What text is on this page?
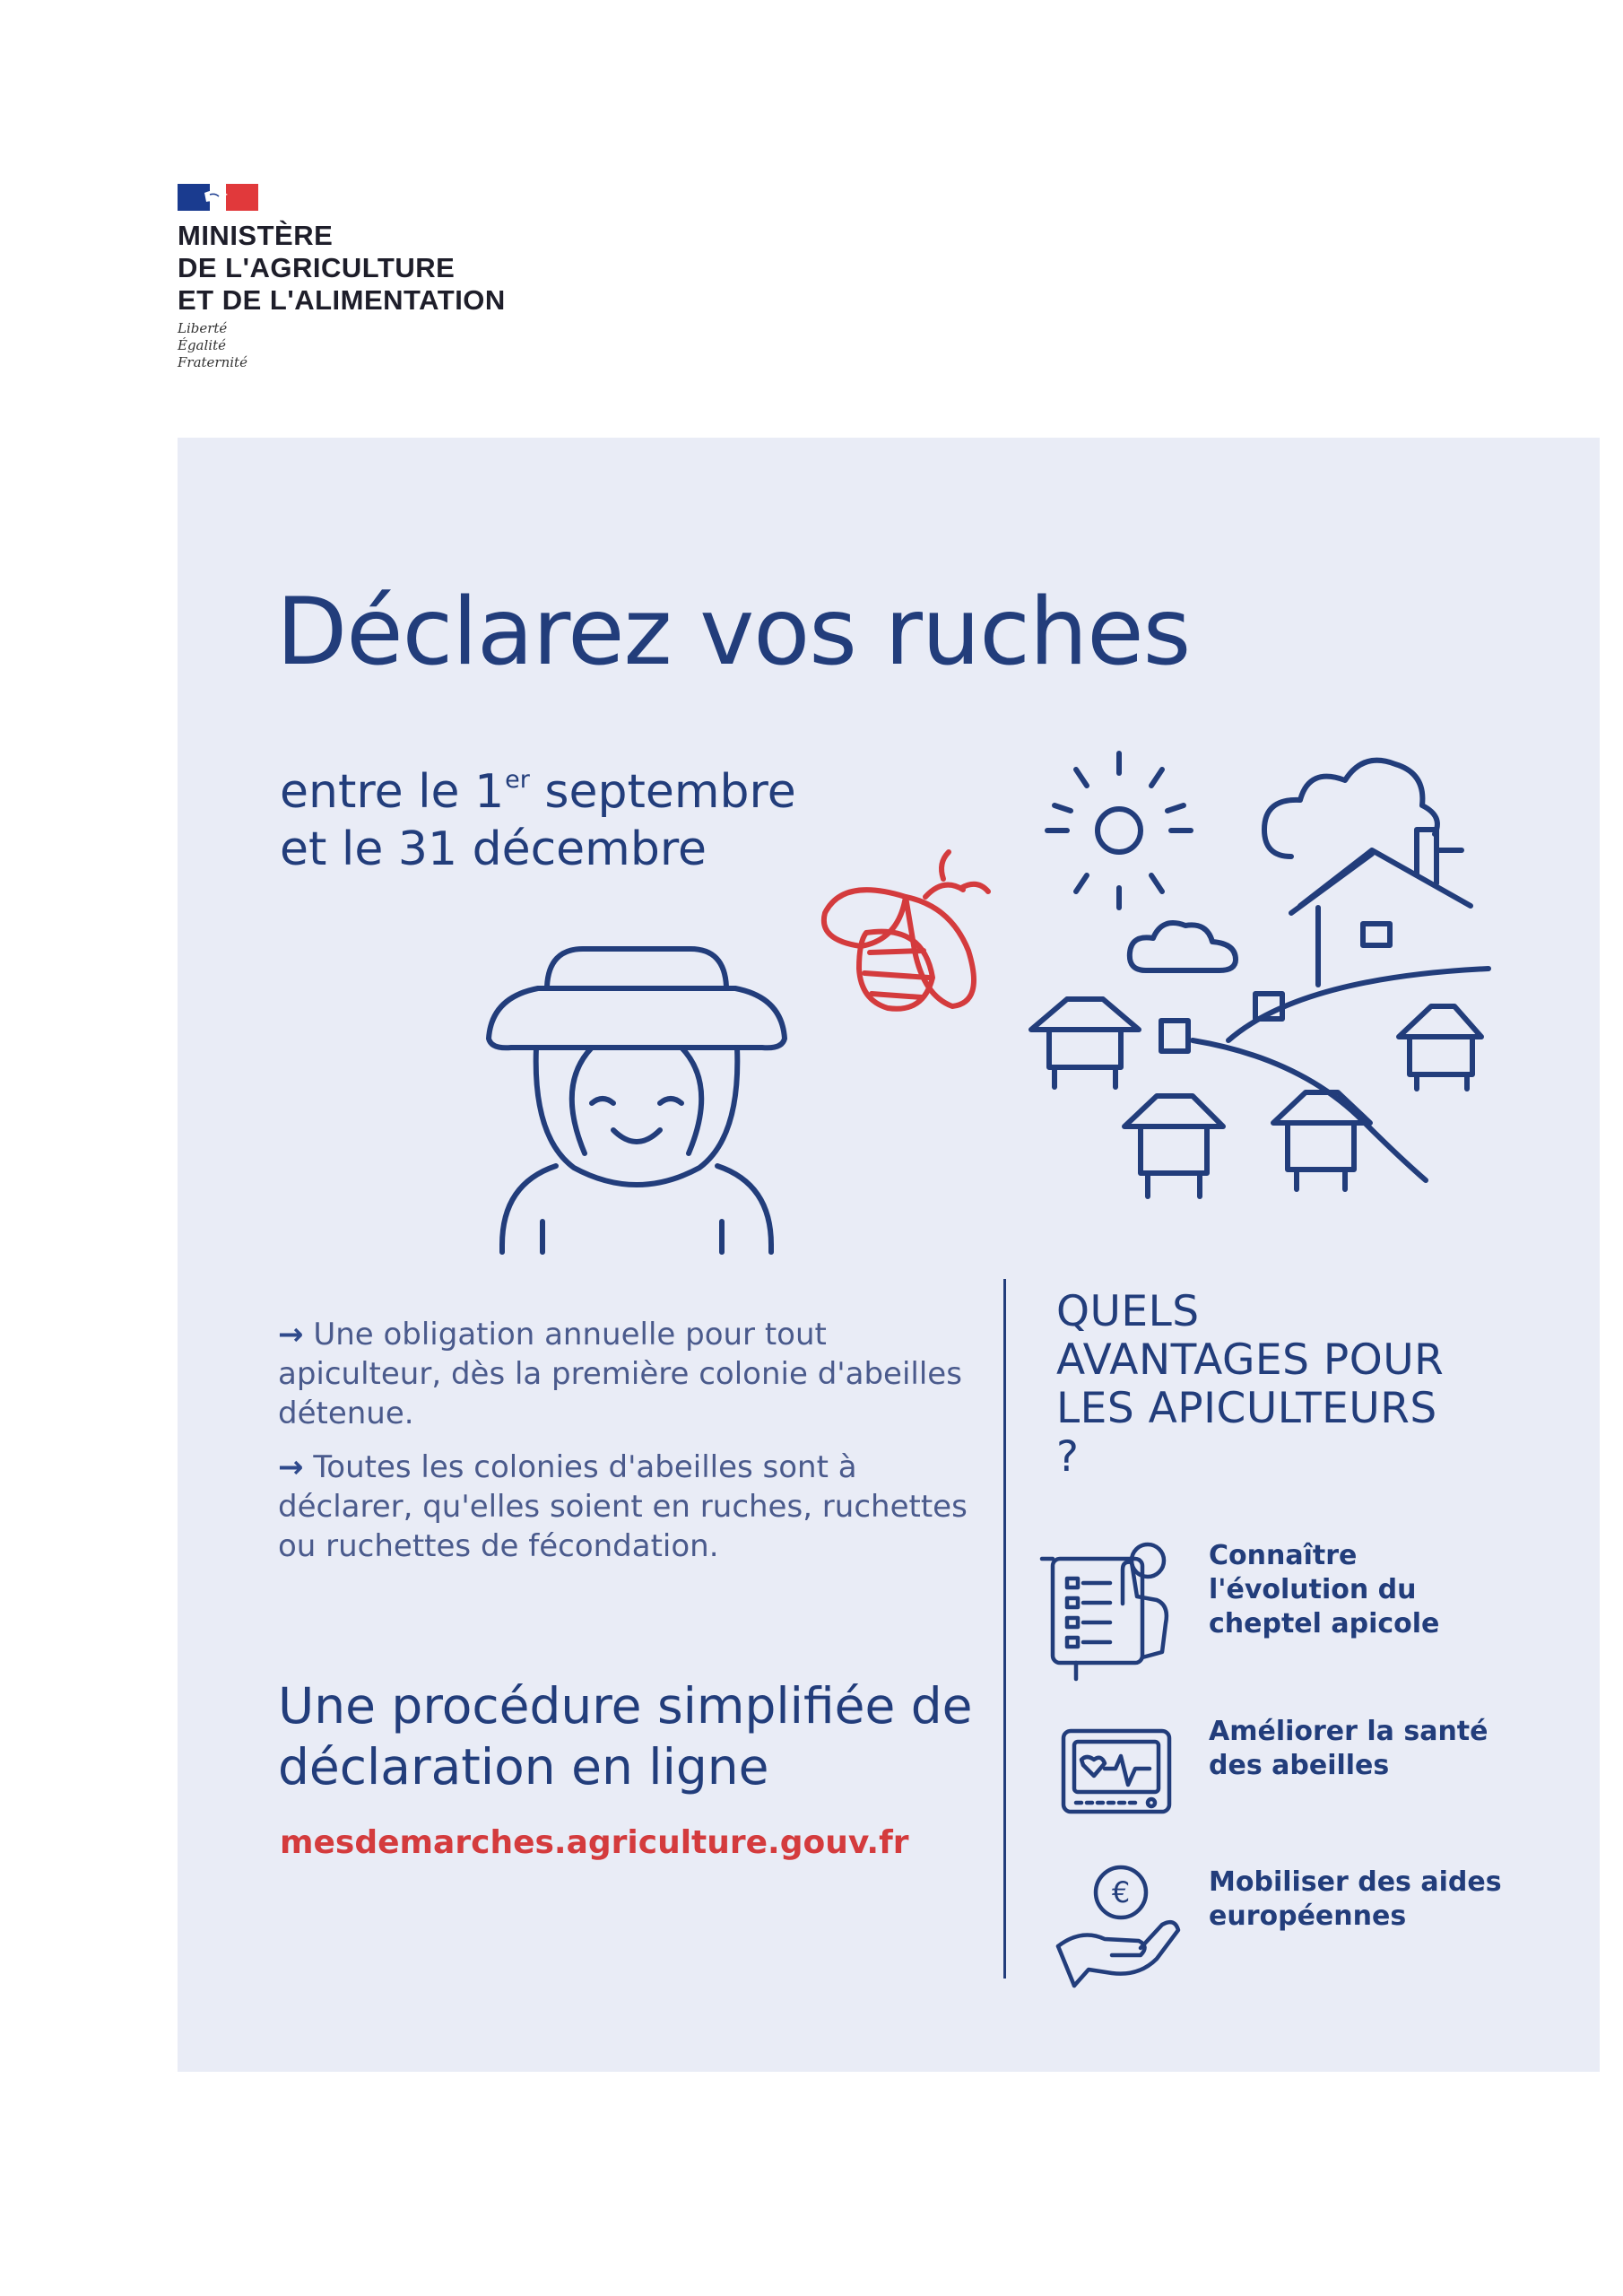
MINISTÈRE
DE L'AGRICULTURE
ET DE L'ALIMENTATION
Liberté
Égalité
Fraternité
Déclarez vos ruches
entre le 1er septembre
et le 31 décembre
€

→ Une obligation annuelle pour tout apiculteur, dès la première colonie d'abeilles détenue.

→ Toutes les colonies d'abeilles sont à déclarer, qu'elles soient en ruches, ruchettes ou ruchettes de fécondation.

Une procédure simplifiée de déclaration en ligne
mesdemarches.agriculture.gouv.fr
QUELS AVANTAGES POUR LES APICULTEURS ?
Connaître l'évolution du cheptel apicole
Améliorer la santé des abeilles
Mobiliser des aides européennes
